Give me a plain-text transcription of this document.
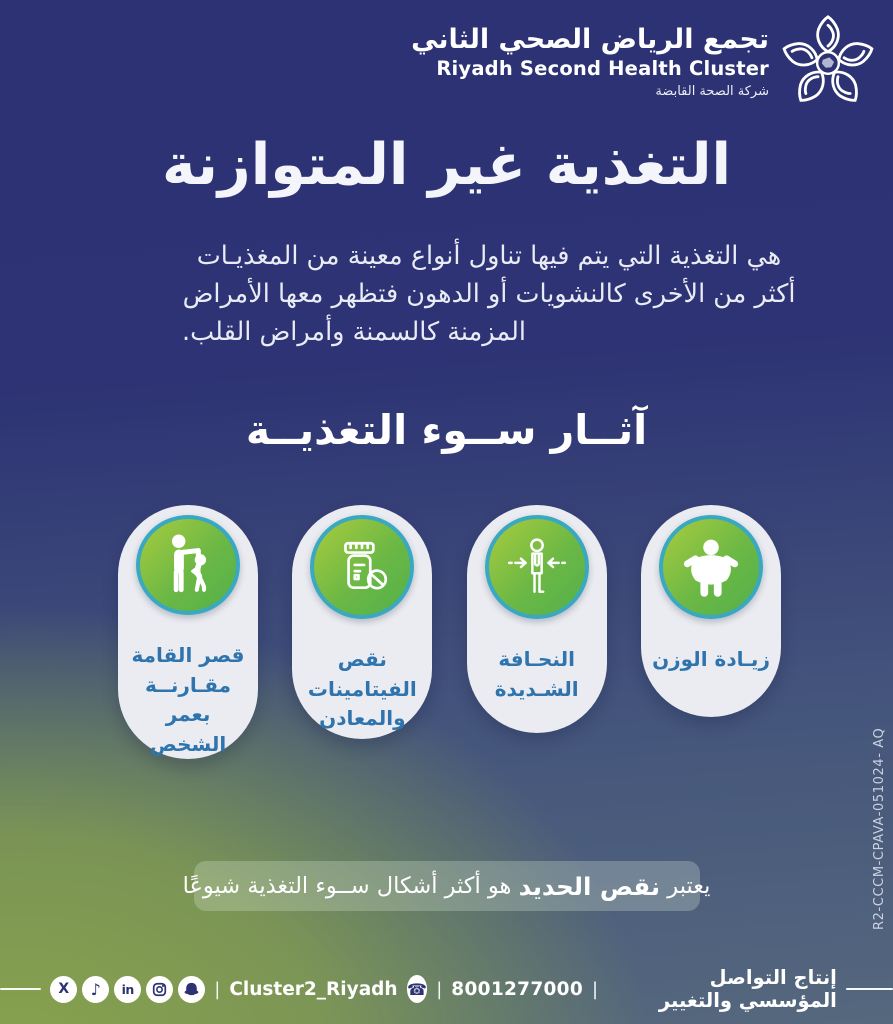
تجمع الرياض الصحي الثاني
Riyadh Second Health Cluster
شركة الصحة القابضة
التغذية غير المتوازنة
هي التغذية التي يتم فيها تناول أنواع معينة من المغذيـات
أكثر من الأخرى كالنشويات أو الدهون فتظهر معها الأمراض
المزمنة كالسمنة وأمراض القلب.
آثــار ســوء التغذيــة
زيـادة الوزن
النحـافة
الشـديدة
نقص الفيتامينات
والمعادن
قصر القامة
مقـارنــة
بعمر الشخص
يعتبر
نقص الحديد
هو أكثر أشكال ســوء التغذية شيوعًا	R2-CCCM-CPAVA-051024- AQ
X	♪	in	| Cluster2_Riyadh ☎ | 8001277000 |	إنتاج التواصل المؤسسي والتغيير
